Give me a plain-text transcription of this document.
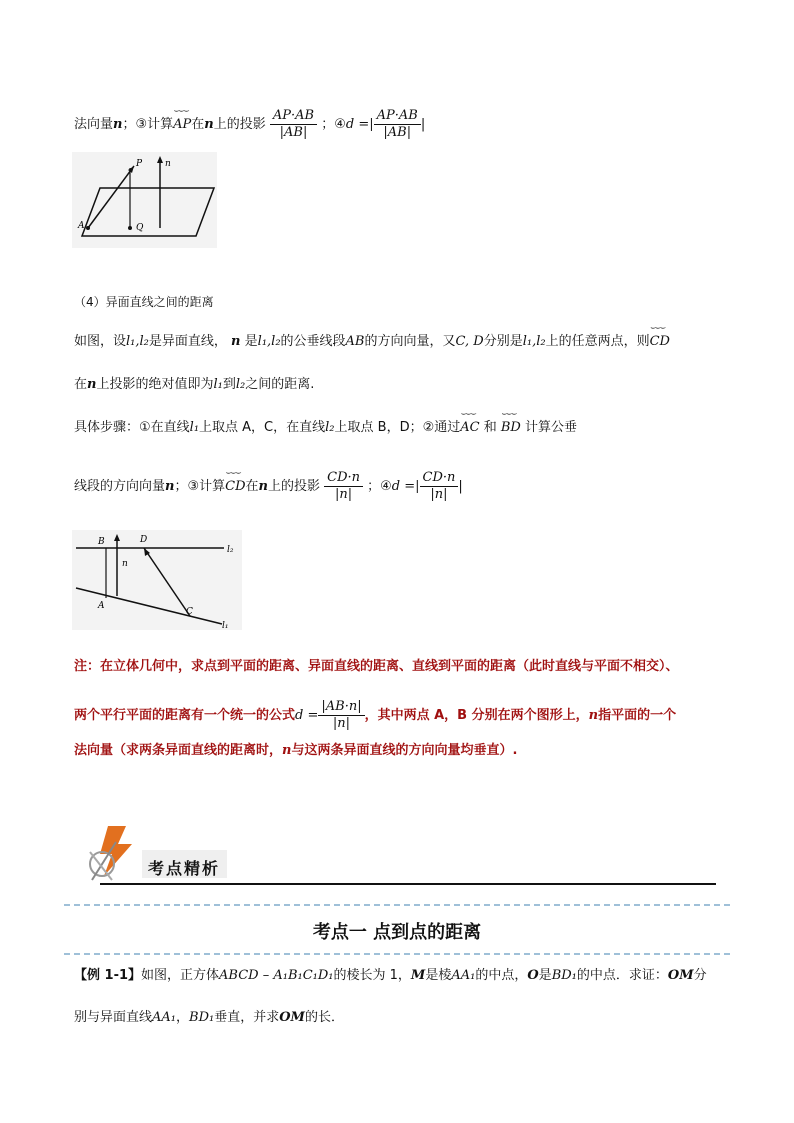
法向量n；③计算
⌣⌣⌣
AP在n上的投影 $\frac{AP\cdot AB}{|AB|}$ ；④d =| $\frac{AP\cdot AB}{|AB|}$ |
P	n
A	Q
（4）异面直线之间的距离
如图，设l₁,l₂是异面直线， n 是l₁,l₂的公垂线段AB的方向向量，又C, D分别是l₁,l₂上的任意两点，则
⌣⌣⌣
CD
在n上投影的绝对值即为l₁到l₂之间的距离.
具体步骤：①在直线l₁上取点 A，C，在直线l₂上取点 B，D；②通过
⌣⌣⌣
AC 和
⌣⌣⌣
BD 计算公垂
线段的方向向量n；③计算
⌣⌣⌣
CD在n上的投影 $\frac{CD\cdot n}{|n|}$ ；④d =| $\frac{CD\cdot n}{|n|}$ |
B	D
n
l₂
A
C
l₁
注：在立体几何中，求点到平面的距离、异面直线的距离、直线到平面的距离（此时直线与平面不相交）、
两个平行平面的距离有一个统一的公式$d = \frac{|AB\cdot n|}{|n|}$ ，其中两点 A，B 分别在两个图形上，n指平面的一个
法向量（求两条异面直线的距离时，n与这两条异面直线的方向向量均垂直）.
考点精析
考点一 点到点的距离
【例 1-1】如图，正方体ABCD – A₁B₁C₁D₁的棱长为 1，M是棱AA₁的中点，O是BD₁的中点．求证：OM分
别与异面直线AA₁，BD₁垂直，并求OM的长．
